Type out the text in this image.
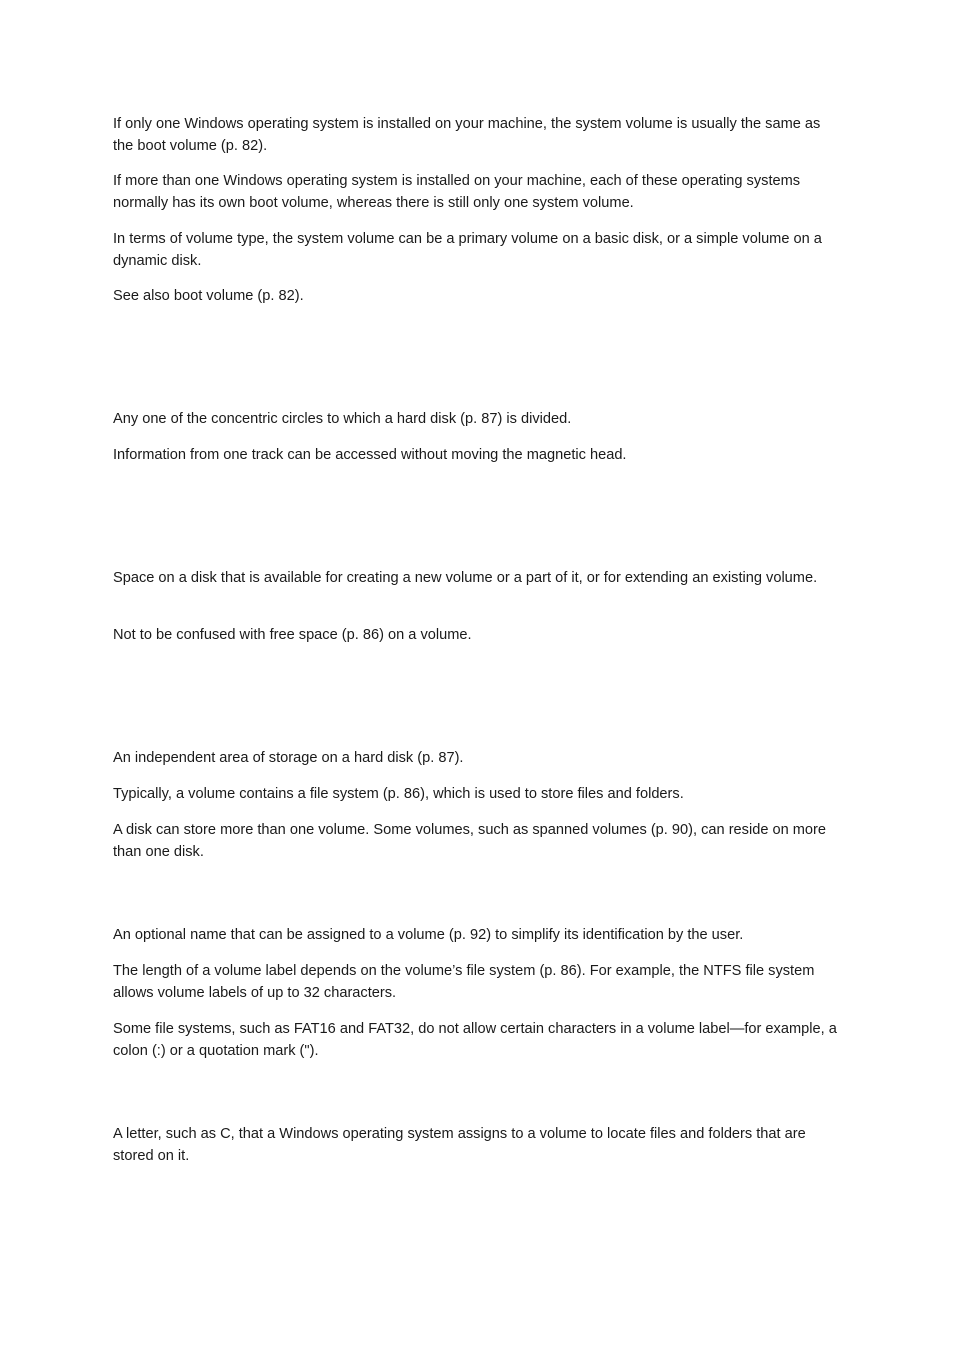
If only one Windows operating system is installed on your machine, the system volume is usually the same as the boot volume (p. 82).

If more than one Windows operating system is installed on your machine, each of these operating systems normally has its own boot volume, whereas there is still only one system volume.

In terms of volume type, the system volume can be a primary volume on a basic disk, or a simple volume on a dynamic disk.

See also boot volume (p. 82).

Any one of the concentric circles to which a hard disk (p. 87) is divided.

Information from one track can be accessed without moving the magnetic head.

Space on a disk that is available for creating a new volume or a part of it, or for extending an existing volume.

Not to be confused with free space (p. 86) on a volume.

An independent area of storage on a hard disk (p. 87).

Typically, a volume contains a file system (p. 86), which is used to store files and folders.

A disk can store more than one volume. Some volumes, such as spanned volumes (p. 90), can reside on more than one disk.

An optional name that can be assigned to a volume (p. 92) to simplify its identification by the user.

The length of a volume label depends on the volume’s file system (p. 86). For example, the NTFS file system allows volume labels of up to 32 characters.

Some file systems, such as FAT16 and FAT32, do not allow certain characters in a volume label—for example, a colon (:) or a quotation mark (").

A letter, such as C, that a Windows operating system assigns to a volume to locate files and folders that are stored on it.
